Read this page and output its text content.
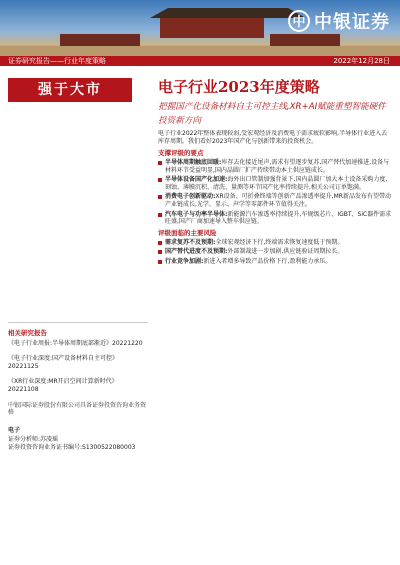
中 中银证券
证券研究报告——行业年度策略	2022年12月28日
强于大市	电子行业2023年度策略
把握国产化设备材料自主可控主线,XR+AI赋能重塑智能硬件投资新方向

电子行业2022年整体表现较弱,受宏观经济及消费电子需求疲软影响,半导体行业进入去库存周期。我们看好2023年国产化与创新带来的投资机会。

支撑评级的要点
半导体周期触底回暖:库存去化接近尾声,需求有望逐步复苏,国产替代加速推进,设备与材料环节受益明显,国内晶圆厂扩产持续带动本土供应链成长。
半导体设备国产化加速:海外出口管制加强背景下,国内晶圆厂加大本土设备采购力度,刻蚀、薄膜沉积、清洗、量测等环节国产化率持续提升,相关公司订单饱满。
消费电子创新驱动:XR设备、可折叠终端等创新产品渗透率提升,MR新品发布有望带动产业链成长,光学、显示、声学等零部件环节值得关注。
汽车电子与功率半导体:新能源汽车渗透率持续提升,车规级芯片、IGBT、SiC器件需求旺盛,国产厂商加速导入整车供应链。
评级面临的主要风险
需求复苏不及预期:全球宏观经济下行,终端需求恢复速度低于预期。
国产替代进度不及预期:外部制裁进一步加剧,供应链验证周期拉长。
行业竞争加剧:新进入者增多导致产品价格下行,盈利能力承压。
相关研究报告

《电子行业周报:半导体周期底部渐近》20221220

《电子行业深度:国产设备材料自主可控》20221125

《XR行业深度:MR开启空间计算新时代》20221108

中银国际证券股份有限公司具备证券投资咨询业务资格

电子

证券分析师:苏凌瑶

证券投资咨询业务证书编号:S1300522080003
